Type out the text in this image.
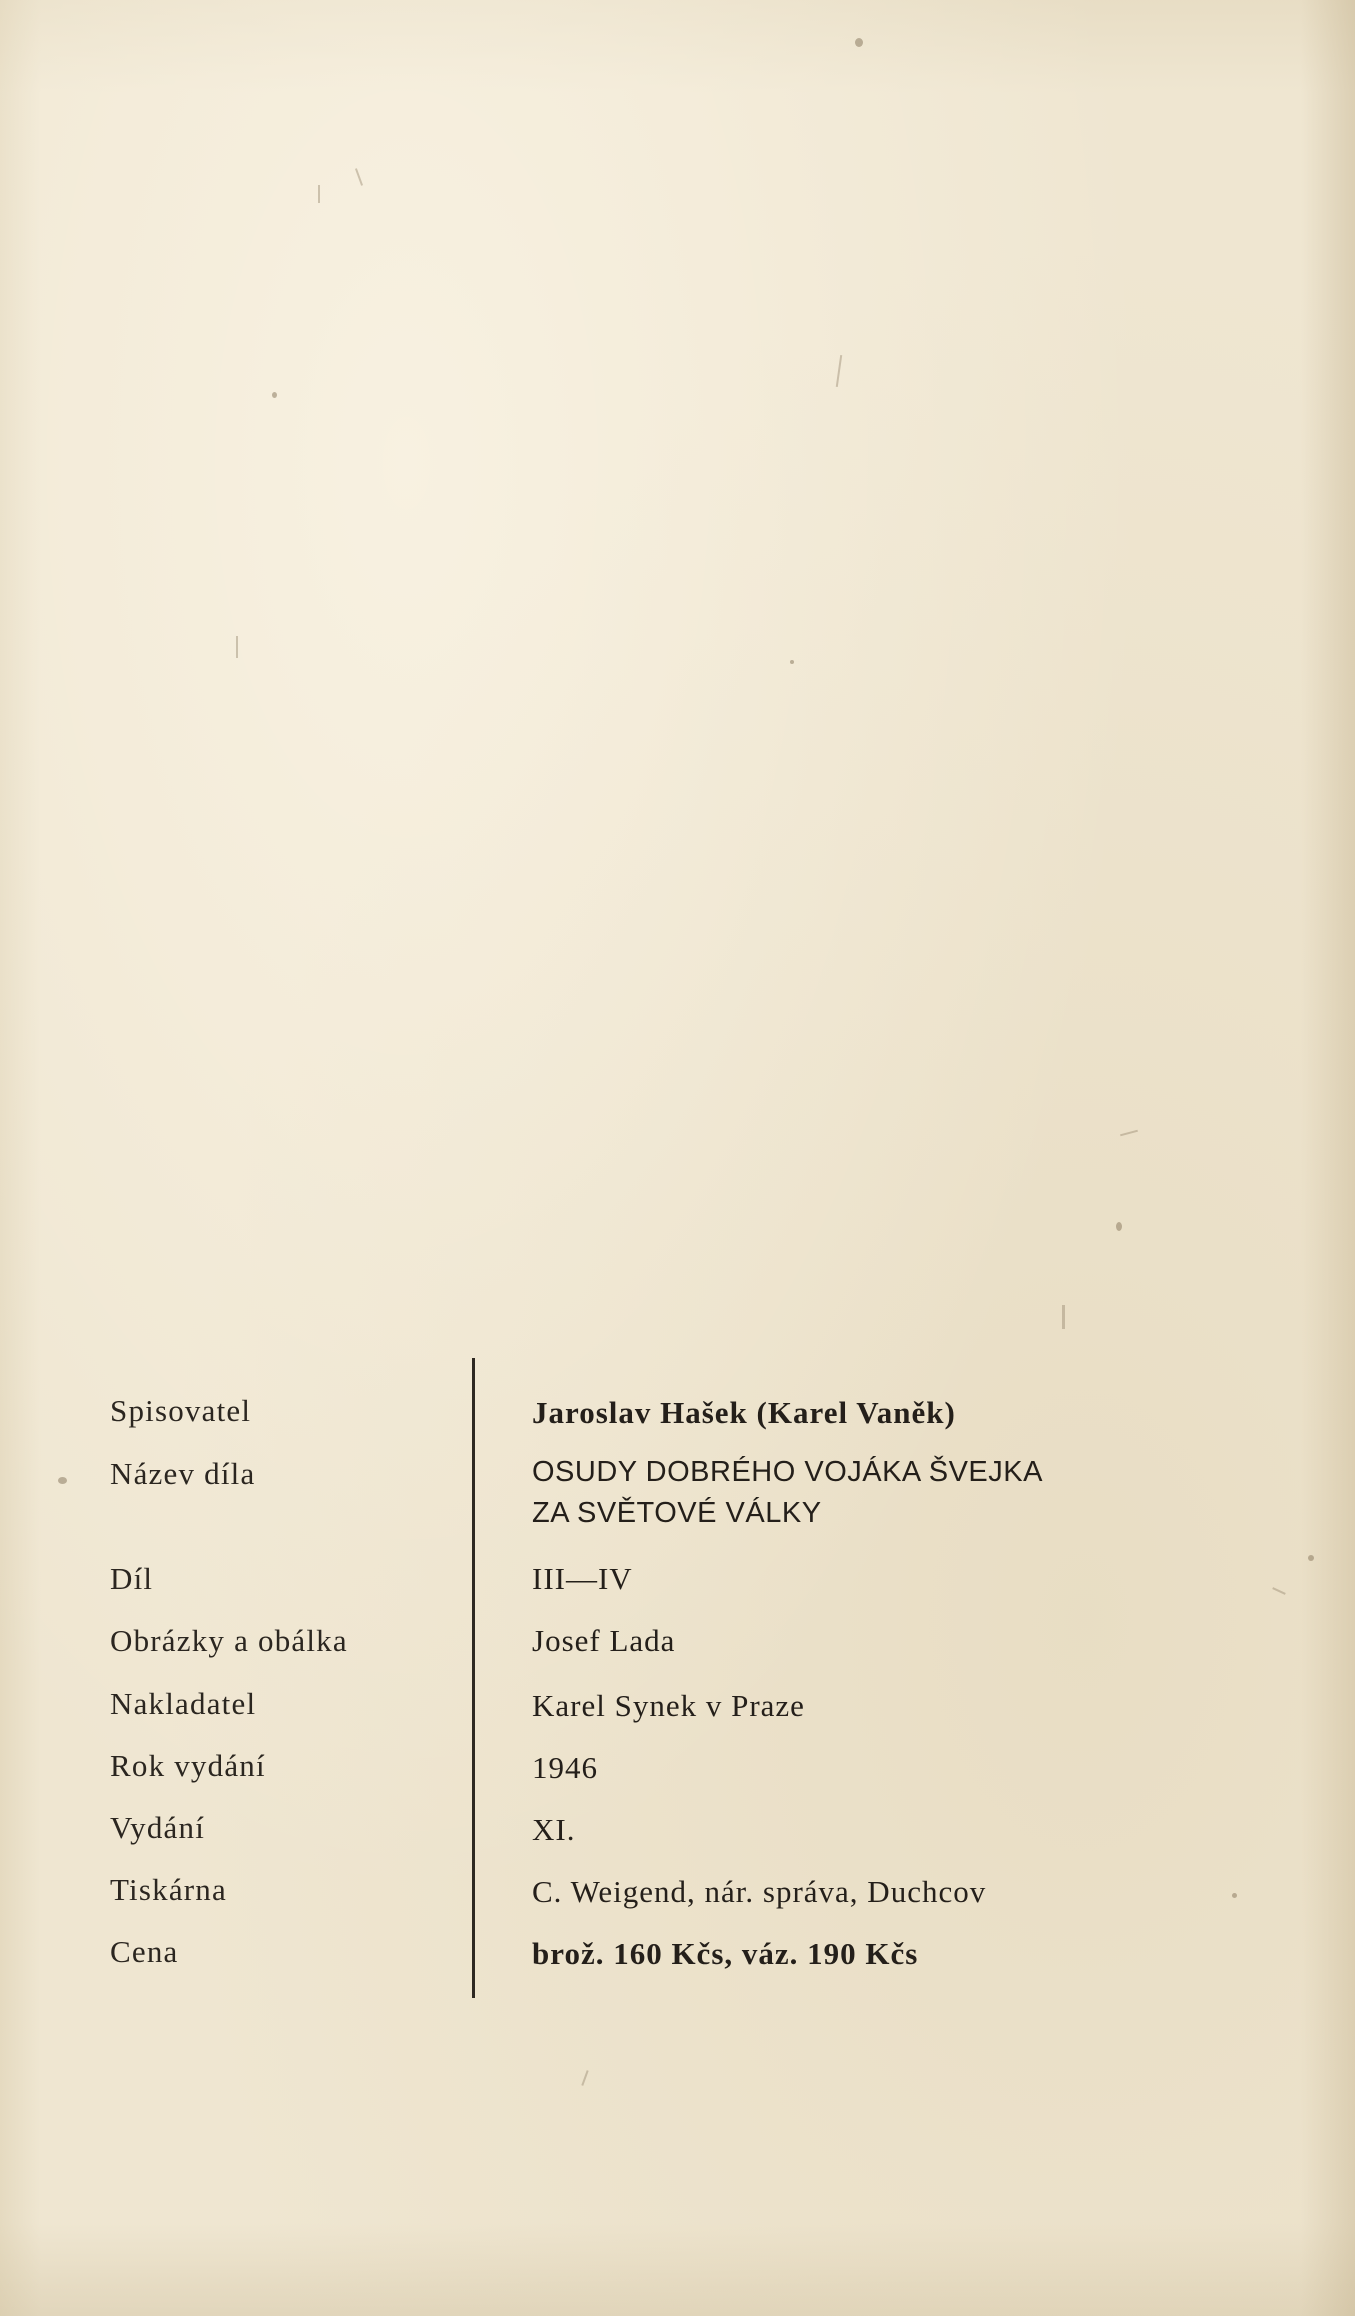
Spisovatel	Jaroslav Hašek (Karel Vaněk)
Název díla	OSUDY DOBRÉHO VOJÁKA ŠVEJKA
ZA SVĚTOVÉ VÁLKY
Díl	III—IV
Obrázky a obálka	Josef Lada
Nakladatel	Karel Synek v Praze
Rok vydání	1946
Vydání	XI.
Tiskárna	C. Weigend, nár. správa, Duchcov
Cena	brož. 160 Kčs, váz. 190 Kčs
